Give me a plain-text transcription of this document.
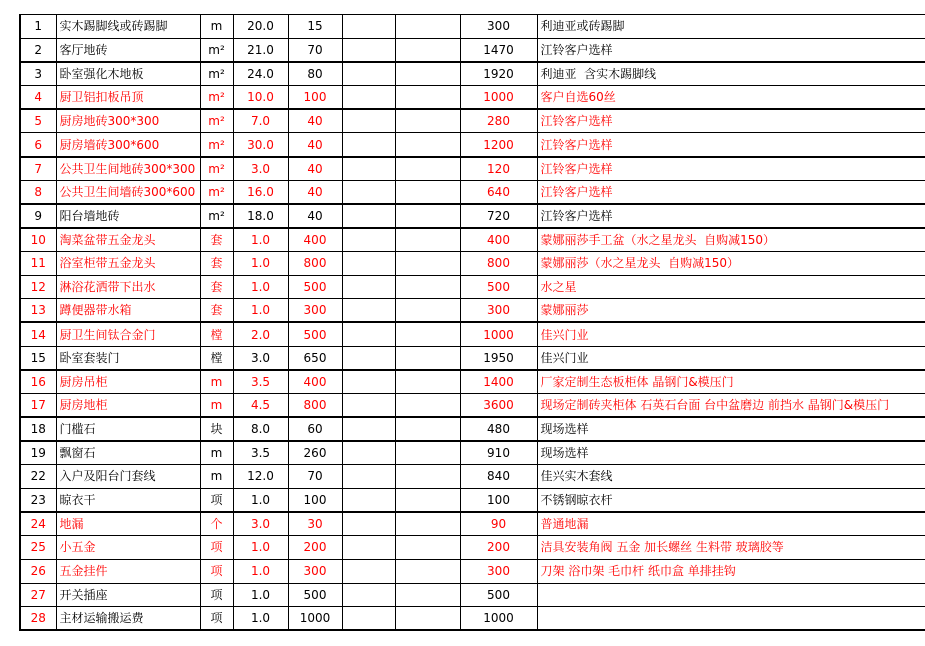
1	实木踢脚线或砖踢脚	m	20.0	15			300	利迪亚或砖踢脚
2	客厅地砖	m²	21.0	70			1470	江铃客户选样
3	卧室强化木地板	m²	24.0	80			1920	利迪亚  含实木踢脚线
4	厨卫铝扣板吊顶	m²	10.0	100			1000	客户自选60丝
5	厨房地砖300*300	m²	7.0	40			280	江铃客户选样
6	厨房墙砖300*600	m²	30.0	40			1200	江铃客户选样
7	公共卫生间地砖300*300	m²	3.0	40			120	江铃客户选样
8	公共卫生间墙砖300*600	m²	16.0	40			640	江铃客户选样
9	阳台墙地砖	m²	18.0	40			720	江铃客户选样
10	淘菜盆带五金龙头	套	1.0	400			400	蒙娜丽莎手工盆（水之星龙头  自购减150）
11	浴室柜带五金龙头	套	1.0	800			800	蒙娜丽莎（水之星龙头  自购减150）
12	淋浴花洒带下出水	套	1.0	500			500	水之星
13	蹲便器带水箱	套	1.0	300			300	蒙娜丽莎
14	厨卫生间钛合金门	樘	2.0	500			1000	佳兴门业
15	卧室套装门	樘	3.0	650			1950	佳兴门业
16	厨房吊柜	m	3.5	400			1400	厂家定制生态板柜体 晶钢门&模压门
17	厨房地柜	m	4.5	800			3600	现场定制砖夹柜体 石英石台面 台中盆磨边 前挡水 晶钢门&模压门
18	门槛石	块	8.0	60			480	现场选样
19	飘窗石	m	3.5	260			910	现场选样
22	入户及阳台门套线	m	12.0	70			840	佳兴实木套线
23	晾衣干	项	1.0	100			100	不锈钢晾衣杆
24	地漏	个	3.0	30			90	普通地漏
25	小五金	项	1.0	200			200	洁具安装角阀 五金 加长螺丝 生料带 玻璃胶等
26	五金挂件	项	1.0	300			300	刀架 浴巾架 毛巾杆 纸巾盒 单排挂钩
27	开关插座	项	1.0	500			500	
28	主材运输搬运费	项	1.0	1000			1000	
